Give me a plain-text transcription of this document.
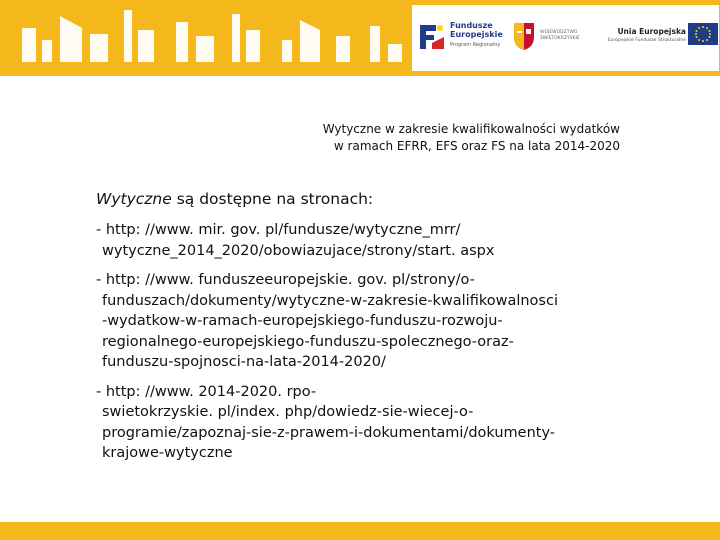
Fundusze
Europejskie
Program Regionalny
WOJEWÓDZTWO
ŚWIĘTOKRZYSKIE
Unia Europejska
Europejskie Fundusze Strukturalne
Wytyczne w zakresie kwalifikowalności wydatków
w ramach EFRR, EFS oraz FS na lata 2014-2020

Wytyczne są dostępne na stronach:

- http: //www. mir. gov. pl/fundusze/wytyczne_mrr/
wytyczne_2014_2020/obowiazujace/strony/start. aspx
- http: //www. funduszeeuropejskie. gov. pl/strony/o-
funduszach/dokumenty/wytyczne-w-zakresie-kwalifikowalnosci
-wydatkow-w-ramach-europejskiego-funduszu-rozwoju-
regionalnego-europejskiego-funduszu-spolecznego-oraz-
funduszu-spojnosci-na-lata-2014-2020/
- http: //www. 2014-2020. rpo-
swietokrzyskie. pl/index. php/dowiedz-sie-wiecej-o-
programie/zapoznaj-sie-z-prawem-i-dokumentami/dokumenty-
krajowe-wytyczne
